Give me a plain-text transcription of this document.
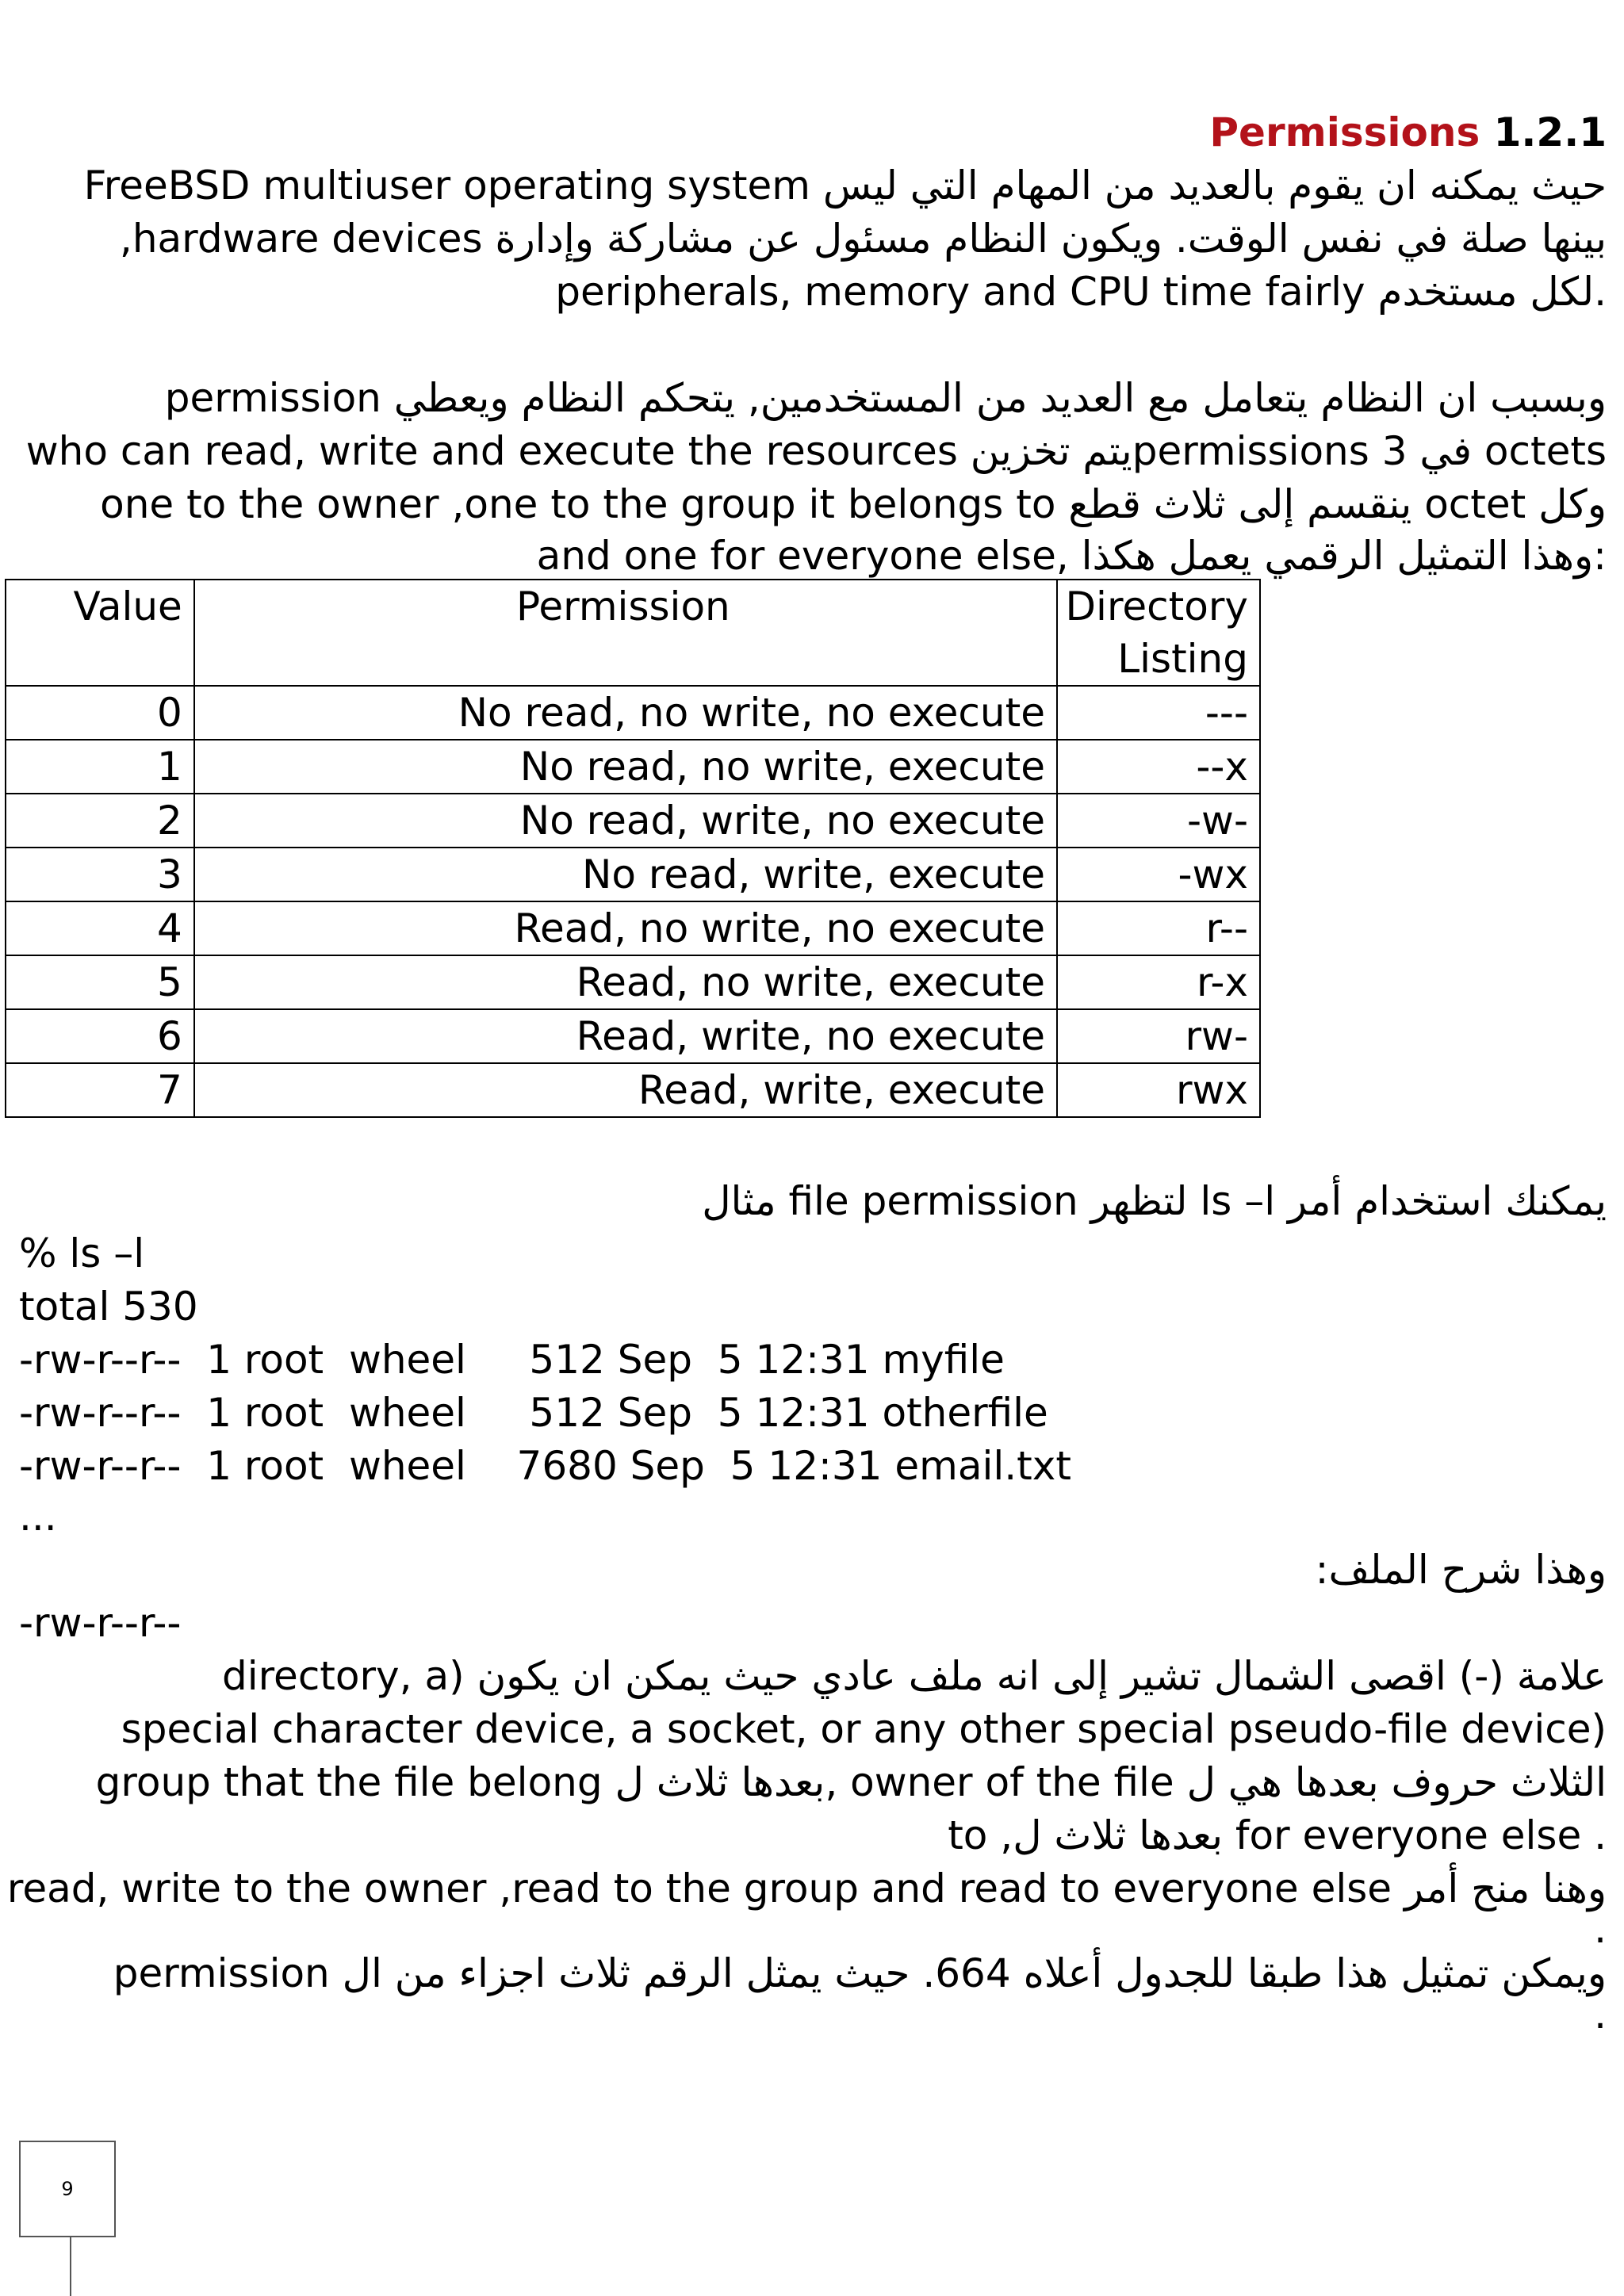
Permissions 1.2.1
FreeBSD multiuser operating system حيث يمكنه ان يقوم بالعديد من المهام التي ليس
بينها صلة في نفس الوقت. ويكون النظام مسئول عن مشاركة وإدارة hardware devices,
peripherals, memory and CPU time fairly لكل مستخدم.
وبسبب ان النظام يتعامل مع العديد من المستخدمين, يتحكم النظام ويعطي permission
who can read, write and execute the resources يتم تخزينpermissions في 3 octets
وكل octet ينقسم إلى ثلاث قطع one to the owner ,one to the group it belongs to
and one for everyone else, وهذا التمثيل الرقمي يعمل هكذا:
Value	Permission	Directory Listing
0	No read, no write, no execute	---
1	No read, no write, execute	--x
2	No read, write, no execute	-w-
3	No read, write, execute	-wx
4	Read, no write, no execute	r--
5	Read, no write, execute	r-x
6	Read, write, no execute	rw-
7	Read, write, execute	rwx
يمكنك استخدام أمر ls –l لتظهر file permission مثال
% ls –l
total 530
-rw-r--r--  1 root  wheel     512 Sep  5 12:31 myfile
-rw-r--r--  1 root  wheel     512 Sep  5 12:31 otherfile
-rw-r--r--  1 root  wheel    7680 Sep  5 12:31 email.txt
...
وهذا شرح الملف:
-rw-r--r--
علامة (-) اقصى الشمال تشير إلى انه ملف عادي حيث يمكن ان يكون (directory, a
special character device, a socket, or any other special pseudo-file device)
الثلاث حروف بعدها هي ل owner of the file ,بعدها ثلاث ل group that the file belong
to ,بعدها ثلاث ل for everyone else .
وهنا منح أمر read, write to the owner ,read to the group and read to everyone else
.
ويمكن تمثيل هذا طبقا للجدول أعلاه 664. حيث يمثل الرقم ثلاث اجزاء من ال permission
.
9
